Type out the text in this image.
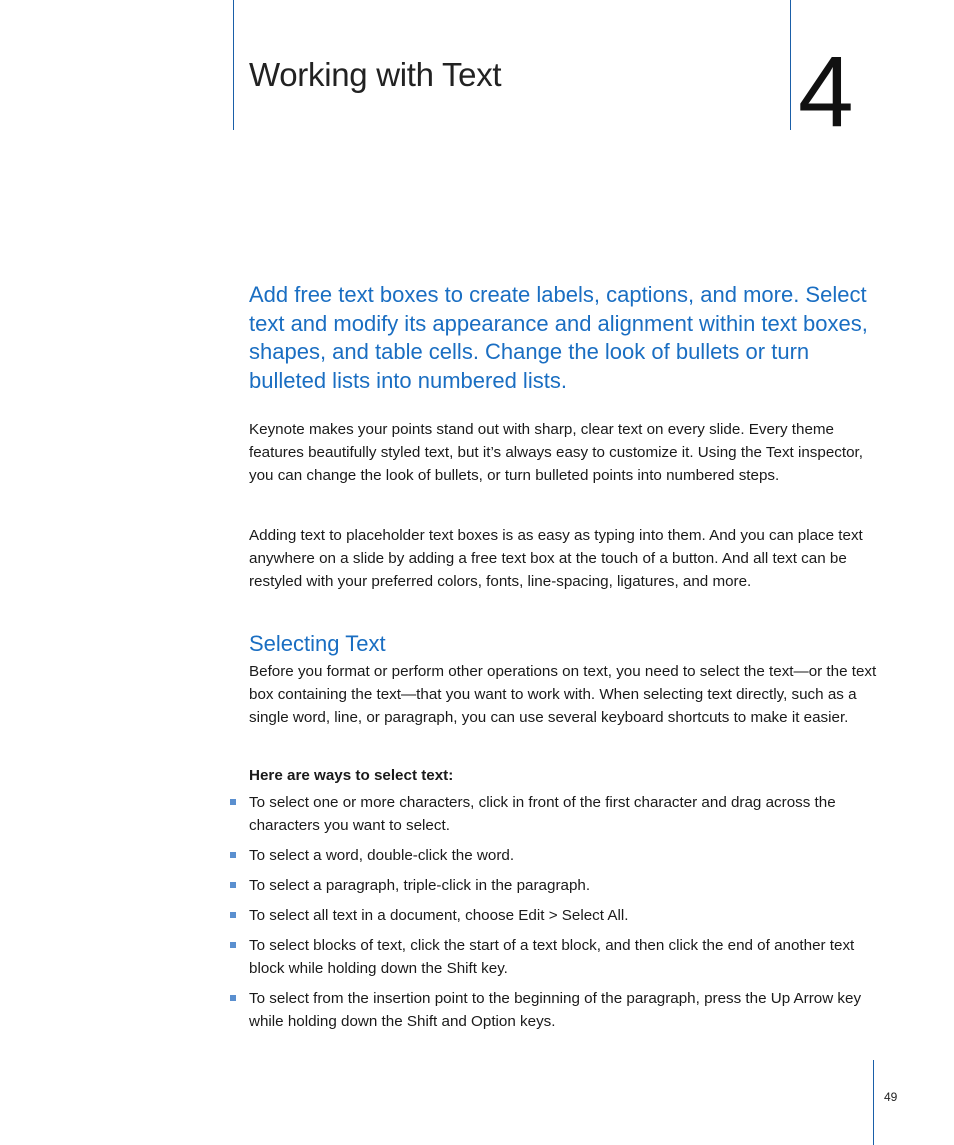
Working with Text	4
Add free text boxes to create labels, captions, and more. Select text and modify its appearance and alignment within text boxes, shapes, and table cells. Change the look of bullets or turn bulleted lists into numbered lists.
Keynote makes your points stand out with sharp, clear text on every slide. Every theme features beautifully styled text, but it’s always easy to customize it. Using the Text inspector, you can change the look of bullets, or turn bulleted points into numbered steps.
Adding text to placeholder text boxes is as easy as typing into them. And you can place text anywhere on a slide by adding a free text box at the touch of a button. And all text can be restyled with your preferred colors, fonts, line-spacing, ligatures, and more.
Selecting Text
Before you format or perform other operations on text, you need to select the text—or the text box containing the text—that you want to work with. When selecting text directly, such as a single word, line, or paragraph, you can use several keyboard shortcuts to make it easier.
Here are ways to select text:
To select one or more characters, click in front of the first character and drag across the characters you want to select.
To select a word, double-click the word.
To select a paragraph, triple-click in the paragraph.
To select all text in a document, choose Edit > Select All.
To select blocks of text, click the start of a text block, and then click the end of another text block while holding down the Shift key.
To select from the insertion point to the beginning of the paragraph, press the Up Arrow key while holding down the Shift and Option keys.
49
